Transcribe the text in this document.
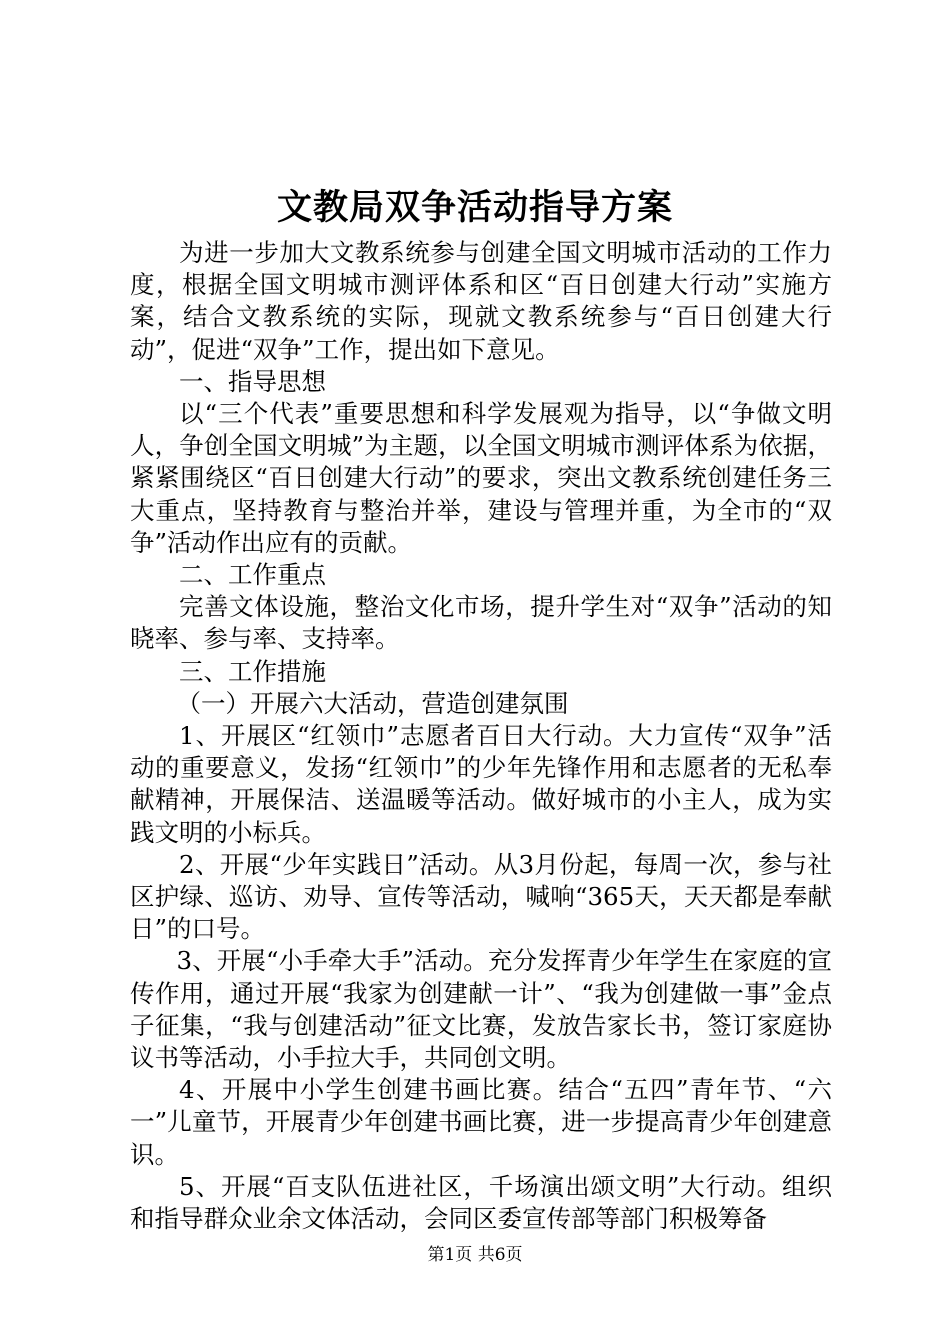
文教局双争活动指导方案

为进一步加大文教系统参与创建全国文明城市活动的工作力度，根据全国文明城市测评体系和区“百日创建大行动”实施方案，结合文教系统的实际，现就文教系统参与“百日创建大行动”，促进“双争”工作，提出如下意见。

一、指导思想

以“三个代表”重要思想和科学发展观为指导，以“争做文明人，争创全国文明城”为主题，以全国文明城市测评体系为依据，紧紧围绕区“百日创建大行动”的要求，突出文教系统创建任务三大重点，坚持教育与整治并举，建设与管理并重，为全市的“双争”活动作出应有的贡献。

二、工作重点

完善文体设施，整治文化市场，提升学生对“双争”活动的知晓率、参与率、支持率。

三、工作措施

（一）开展六大活动，营造创建氛围

1、开展区“红领巾”志愿者百日大行动。大力宣传“双争”活动的重要意义，发扬“红领巾”的少年先锋作用和志愿者的无私奉献精神，开展保洁、送温暖等活动。做好城市的小主人，成为实践文明的小标兵。

2、开展“少年实践日”活动。从3月份起，每周一次，参与社区护绿、巡访、劝导、宣传等活动，喊响“365天，天天都是奉献日”的口号。

3、开展“小手牵大手”活动。充分发挥青少年学生在家庭的宣传作用，通过开展“我家为创建献一计”、“我为创建做一事”金点子征集，“我与创建活动”征文比赛，发放告家长书，签订家庭协议书等活动，小手拉大手，共同创文明。

4、开展中小学生创建书画比赛。结合“五四”青年节、“六一”儿童节，开展青少年创建书画比赛，进一步提高青少年创建意识。

5、开展“百支队伍进社区，千场演出颂文明”大行动。组织和指导群众业余文体活动，会同区委宣传部等部门积极筹备

第1页 共6页
